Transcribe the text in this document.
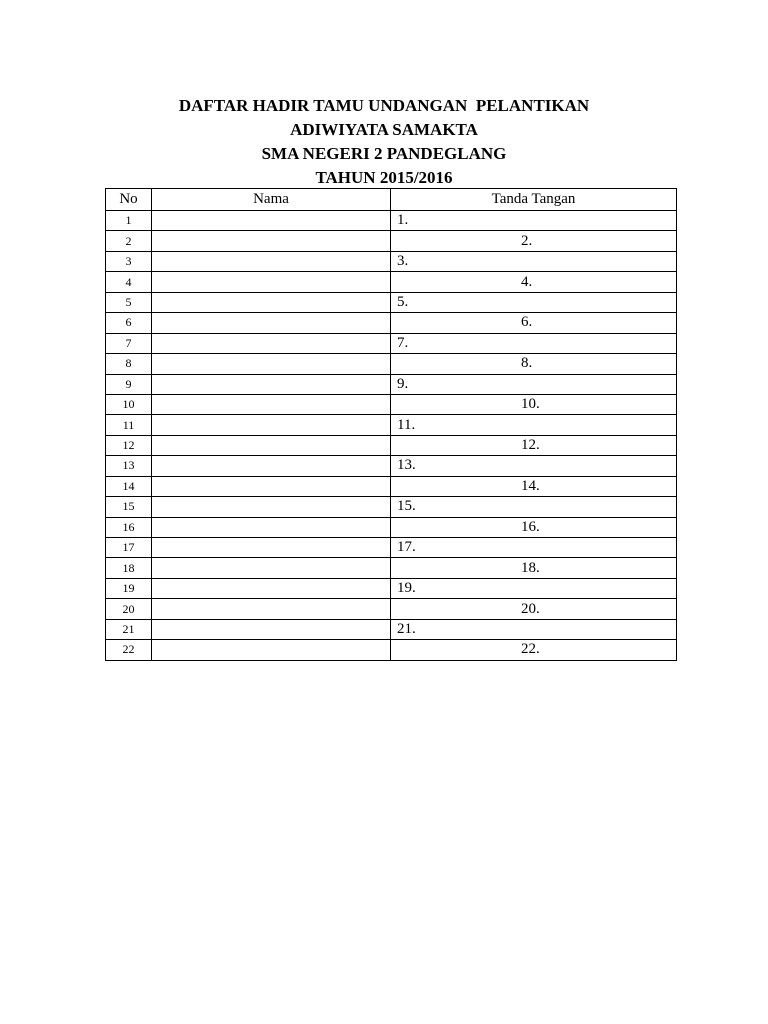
DAFTAR HADIR TAMU UNDANGAN  PELANTIKAN
ADIWIYATA SAMAKTA
SMA NEGERI 2 PANDEGLANG
TAHUN 2015/2016
No	Nama	Tanda Tangan
1		1.
2		2.
3		3.
4		4.
5		5.
6		6.
7		7.
8		8.
9		9.
10		10.
11		11.
12		12.
13		13.
14		14.
15		15.
16		16.
17		17.
18		18.
19		19.
20		20.
21		21.
22		22.
